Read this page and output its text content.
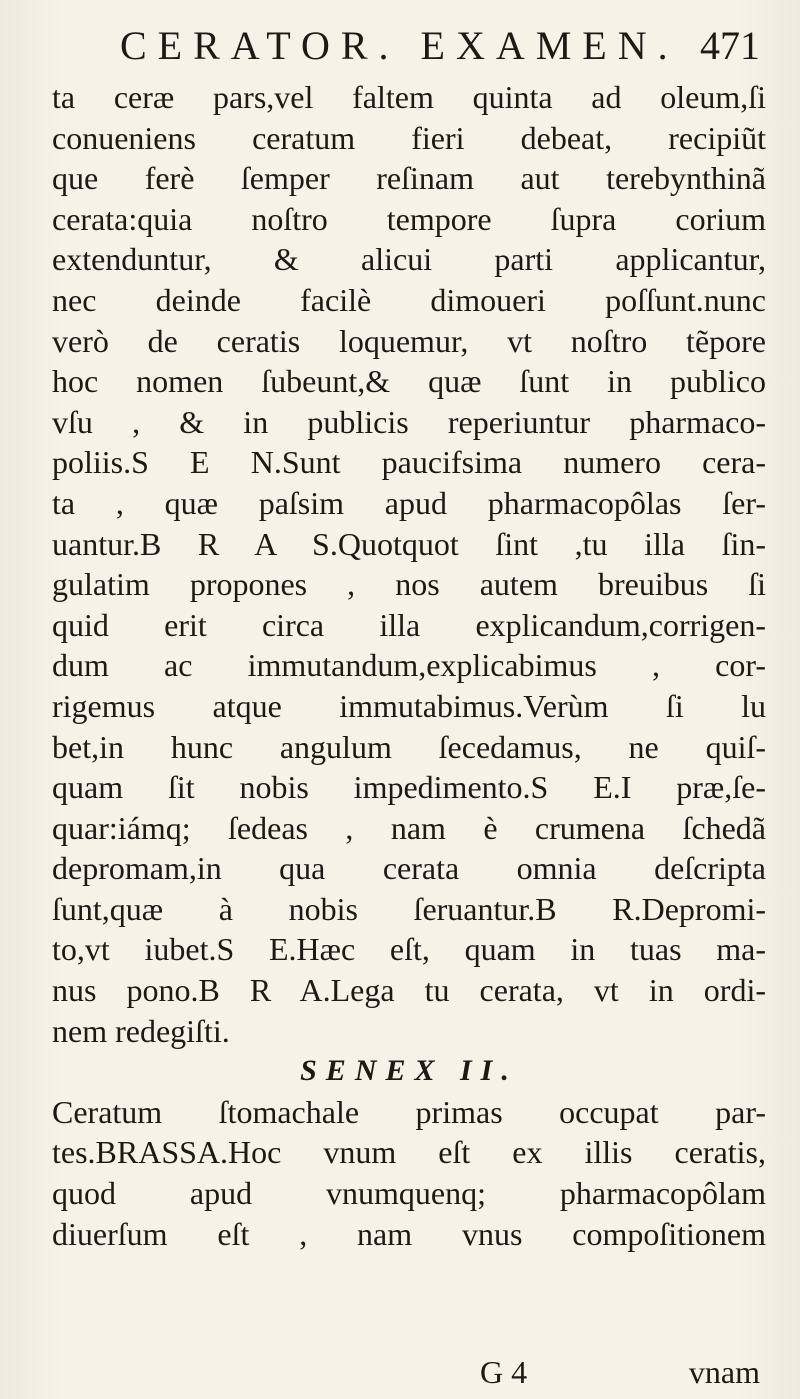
CERATOR. EXAMEN. 471
ta ceræ pars,vel faltem quinta ad oleum,ſi
conueniens ceratum fieri debeat, recipiũt
que ferè ſemper reſinam aut terebynthinã
cerata:quia noſtro tempore ſupra corium
extenduntur, & alicui parti applicantur,
nec deinde facilè dimoueri poſſunt.nunc
verò de ceratis loquemur, vt noſtro tẽpore
hoc nomen ſubeunt,& quæ ſunt in publico
vſu , & in publicis reperiuntur pharmaco-
poliis.S E N.Sunt paucifsima numero cera-
ta , quæ paſsim apud pharmacopôlas ſer-
uantur.B R A S.Quotquot ſint ,tu illa ſin-
gulatim propones , nos autem breuibus ſi
quid erit circa illa explicandum,corrigen-
dum ac immutandum,explicabimus , cor-
rigemus atque immutabimus.Verùm ſi lu
bet,in hunc angulum ſecedamus, ne quiſ-
quam ſit nobis impedimento.S E.I præ,ſe-
quar:iámq; ſedeas , nam è crumena ſchedã
depromam,in qua cerata omnia deſcripta
ſunt,quæ à nobis ſeruantur.B R.Depromi-
to,vt iubet.S E.Hæc eſt, quam in tuas ma-
nus pono.B R A.Lega tu cerata, vt in ordi-
nem redegiſti.
SENEX II.
Ceratum ſtomachale primas occupat par-
tes.BRASSA.Hoc vnum eſt ex illis ceratis,
quod apud vnumquenq; pharmacopôlam
diuerſum eſt , nam vnus compoſitionem
G 4	vnam
